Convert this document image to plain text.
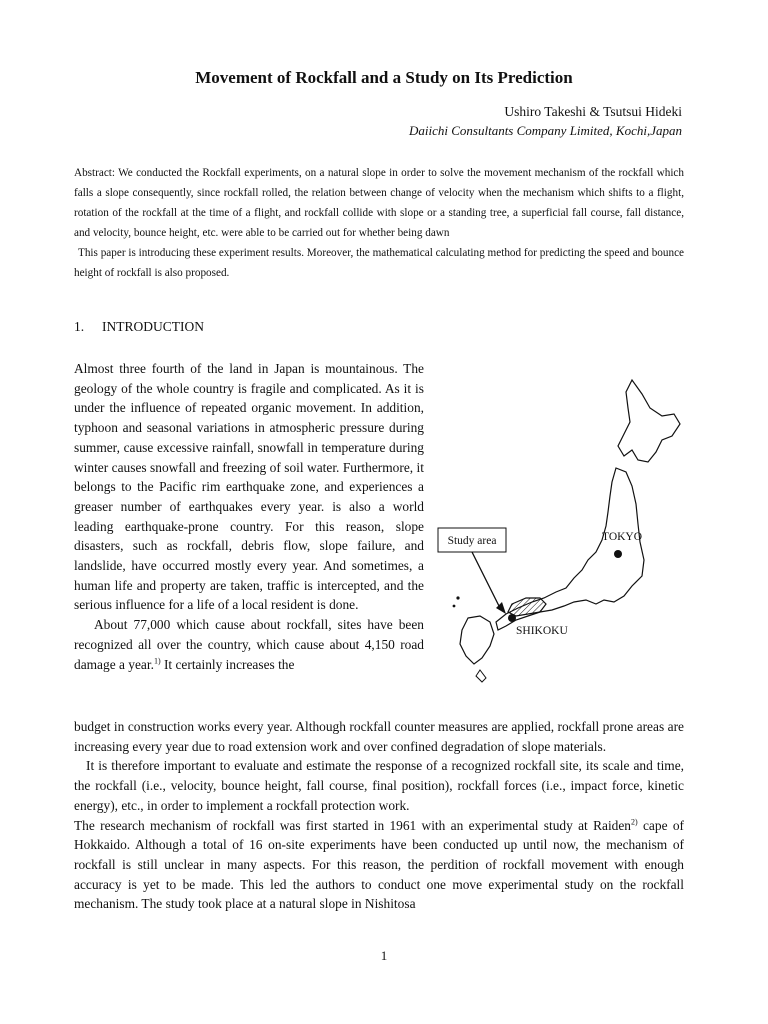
Movement of Rockfall and a Study on Its Prediction
Ushiro Takeshi & Tsutsui Hideki
Daiichi Consultants Company Limited, Kochi,Japan

Abstract: We conducted the Rockfall experiments, on a natural slope in order to solve the movement mechanism of the rockfall which falls a slope consequently, since rockfall rolled, the relation between change of velocity when the mechanism which shifts to a flight, rotation of the rockfall at the time of a flight, and rockfall collide with slope or a standing tree, a superficial fall course, fall distance, and velocity, bounce height, etc. were able to be carried out for whether being dawn

This paper is introducing these experiment results. Moreover, the mathematical calculating method for predicting the speed and bounce height of rockfall is also proposed.

1. INTRODUCTION

Almost three fourth of the land in Japan is mountainous. The geology of the whole country is fragile and complicated. As it is under the influence of repeated organic movement. In addition, typhoon and seasonal variations in atmospheric pressure during summer, cause excessive rainfall, snowfall in temperature during winter causes snowfall and freezing of soil water. Furthermore, it belongs to the Pacific rim earthquake zone, and experiences a greaser number of earthquakes every year. is also a world leading earthquake-prone country. For this reason, slope disasters, such as rockfall, debris flow, slope failure, and landslide, have occurred mostly every year. And sometimes, a human life and property are taken, traffic is intercepted, and the serious influence for a life of a local resident is done.

About 77,000 which cause about rockfall, sites have been recognized all over the country, which cause about 4,150 road damage a year.$^{1)}$ It certainly increases the

budget in construction works every year. Although rockfall counter measures are applied, rockfall prone areas are increasing every year due to road extension work and over confined degradation of slope materials.

It is therefore important to evaluate and estimate the response of a recognized rockfall site, its scale and time, the rockfall (i.e., velocity, bounce height, fall course, final position), rockfall forces (i.e., impact force, kinetic energy), etc., in order to implement a rockfall protection work.

The research mechanism of rockfall was first started in 1961 with an experimental study at Raiden$^{2)}$ cape of Hokkaido. Although a total of 16 on-site experiments have been conducted up until now, the mechanism of rockfall is still unclear in many aspects. For this reason, the perdition of rockfall movement with enough accuracy is yet to be made. This led the authors to conduct one move experimental study on the rockfall mechanism. The study took place at a natural slope in Nishitosa

Study area	TOKYO
SHIKOKU
1
